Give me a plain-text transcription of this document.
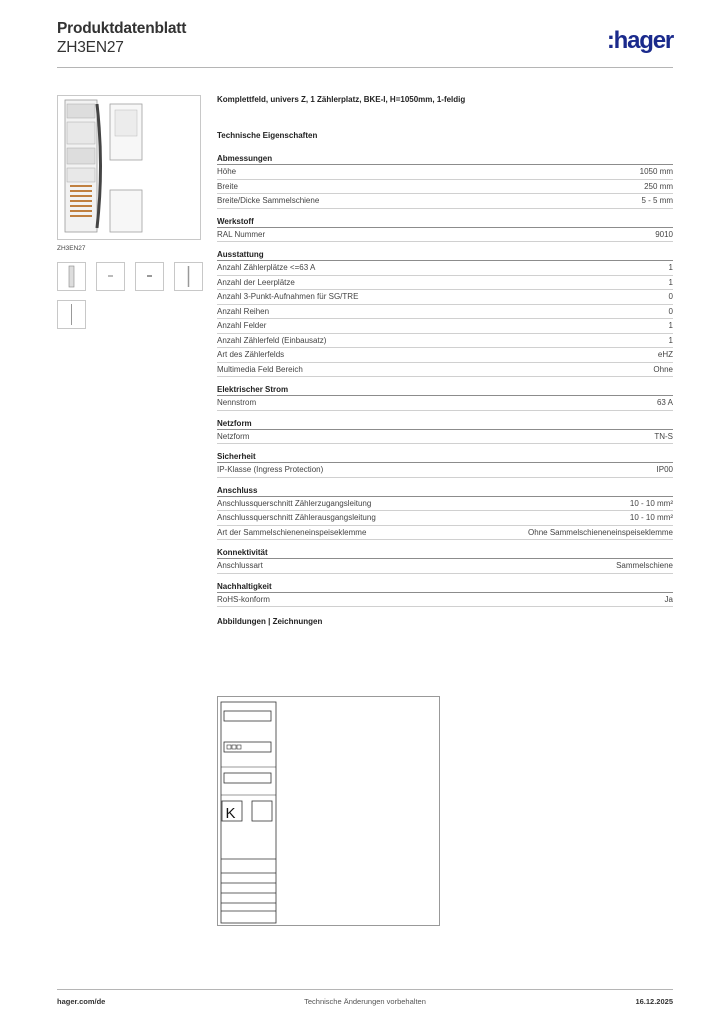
Produktdatenblatt
ZH3EN27	:hager
ZH3EN27
Komplettfeld, univers Z, 1 Zählerplatz, BKE-I, H=1050mm, 1-feldig
Technische Eigenschaften
Abmessungen
Höhe	1050 mm
Breite	250 mm
Breite/Dicke Sammelschiene	5 - 5 mm
Werkstoff
RAL Nummer	9010
Ausstattung
Anzahl Zählerplätze <=63 A	1
Anzahl der Leerplätze	1
Anzahl 3-Punkt-Aufnahmen für SG/TRE	0
Anzahl Reihen	0
Anzahl Felder	1
Anzahl Zählerfeld (Einbausatz)	1
Art des Zählerfelds	eHZ
Multimedia Feld Bereich	Ohne
Elektrischer Strom
Nennstrom	63 A
Netzform
Netzform	TN-S
Sicherheit
IP-Klasse (Ingress Protection)	IP00
Anschluss
Anschlussquerschnitt Zählerzugangsleitung	10 - 10 mm²
Anschlussquerschnitt Zählerausgangsleitung	10 - 10 mm²
Art der Sammelschieneneinspeiseklemme	Ohne Sammelschieneneinspeiseklemme
Konnektivität
Anschlussart	Sammelschiene
Nachhaltigkeit
RoHS-konform	Ja
Abbildungen | Zeichnungen
K
Technische Änderungen vorbehalten
hager.com/de	16.12.2025
